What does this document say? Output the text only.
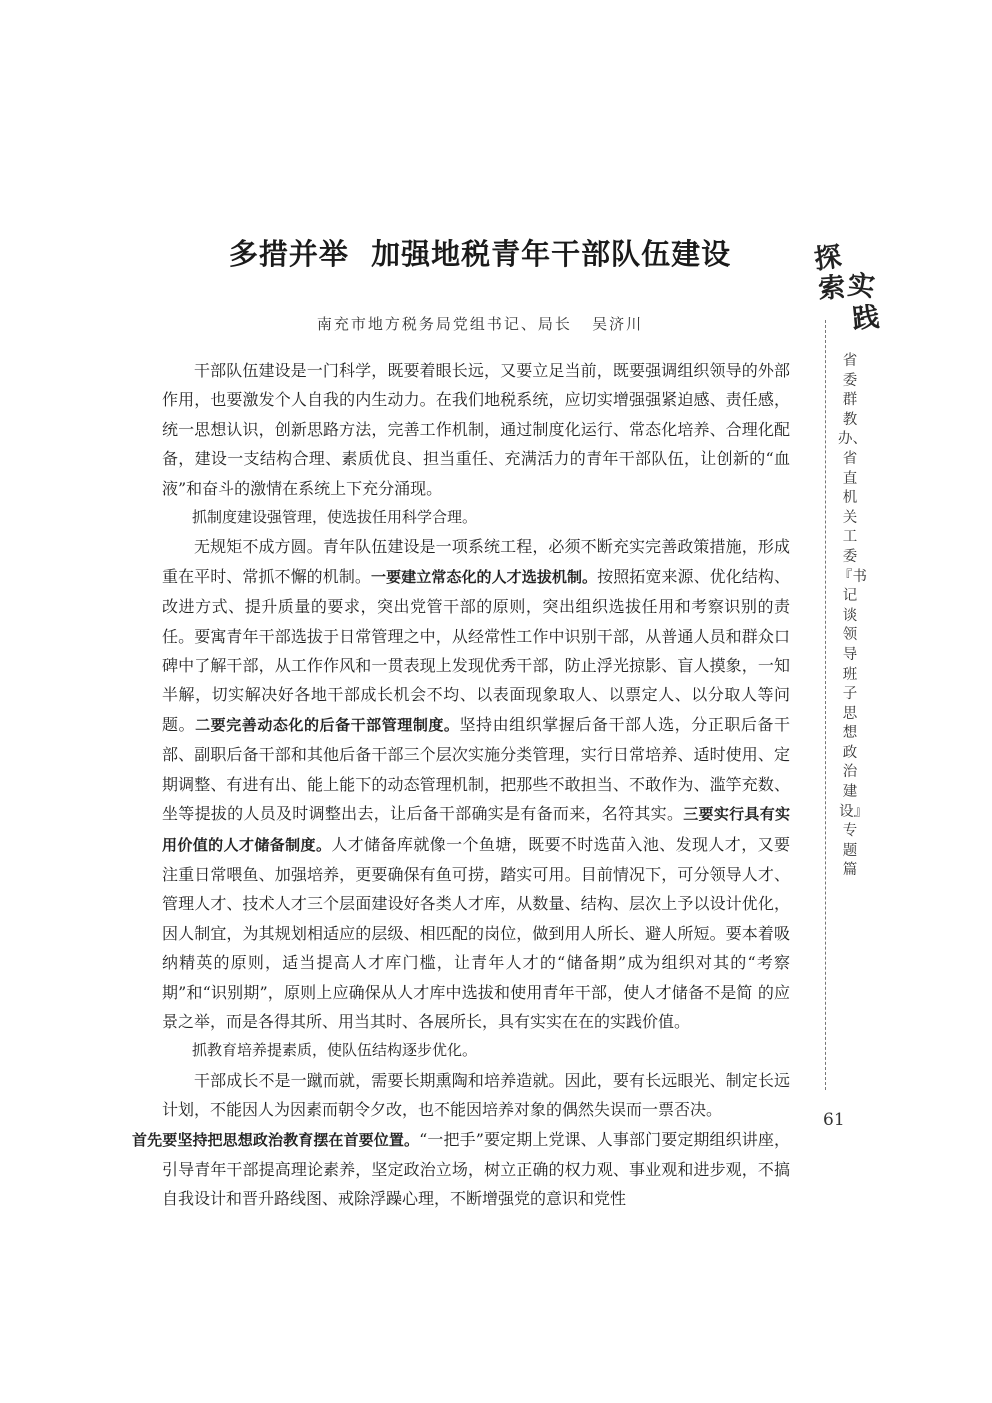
多措并举  加强地税青年干部队伍建设
南充市地方税务局党组书记、局长   吴济川

干部队伍建设是一门科学，既要着眼长远，又要立足当前，既要强调组织领导的外部作用，也要激发个人自我的内生动力。在我们地税系统，应切实增强强紧迫感、责任感，统一思想认识，创新思路方法，完善工作机制，通过制度化运行、常态化培养、合理化配备，建设一支结构合理、素质优良、担当重任、充满活力的青年干部队伍，让创新的“血液”和奋斗的激情在系统上下充分涌现。

抓制度建设强管理，使选拔任用科学合理。

无规矩不成方圆。青年队伍建设是一项系统工程，必须不断充实完善政策措施，形成重在平时、常抓不懈的机制。一要建立常态化的人才选拔机制。按照拓宽来源、优化结构、改进方式、提升质量的要求，突出党管干部的原则，突出组织选拔任用和考察识别的责任。要寓青年干部选拔于日常管理之中，从经常性工作中识别干部，从普通人员和群众口碑中了解干部，从工作作风和一贯表现上发现优秀干部，防止浮光掠影、盲人摸象，一知半解，切实解决好各地干部成长机会不均、以表面现象取人、以票定人、以分取人等问题。二要完善动态化的后备干部管理制度。坚持由组织掌握后备干部人选，分正职后备干部、副职后备干部和其他后备干部三个层次实施分类管理，实行日常培养、适时使用、定期调整、有进有出、能上能下的动态管理机制，把那些不敢担当、不敢作为、滥竽充数、坐等提拔的人员及时调整出去，让后备干部确实是有备而来，名符其实。三要实行具有实用价值的人才储备制度。人才储备库就像一个鱼塘，既要不时选苗入池、发现人才，又要注重日常喂鱼、加强培养，更要确保有鱼可捞，踏实可用。目前情况下，可分领导人才、管理人才、技术人才三个层面建设好各类人才库，从数量、结构、层次上予以设计优化，因人制宜，为其规划相适应的层级、相匹配的岗位，做到用人所长、避人所短。要本着吸纳精英的原则，适当提高人才库门槛，让青年人才的“储备期”成为组织对其的“考察期”和“识别期”，原则上应确保从人才库中选拔和使用青年干部，使人才储备不是简 的应景之举，而是各得其所、用当其时、各展所长，具有实实在在的实践价值。

抓教育培养提素质，使队伍结构逐步优化。

干部成长不是一蹴而就，需要长期熏陶和培养造就。因此，要有长远眼光、制定长远计划，不能因人为因素而朝令夕改，也不能因培养对象的偶然失误而一票否决。
首先要坚持把思想政治教育摆在首要位置。“一把手”要定期上党课、人事部门要定期组织讲座，引导青年干部提高理论素养，坚定政治立场，树立正确的权力观、事业观和进步观，不搞自我设计和晋升路线图、戒除浮躁心理，不断增强党的意识和党性

探
索 实
践
省委群教办、省直机关工委『书记谈领导班子思想政治建设』专题篇
61
